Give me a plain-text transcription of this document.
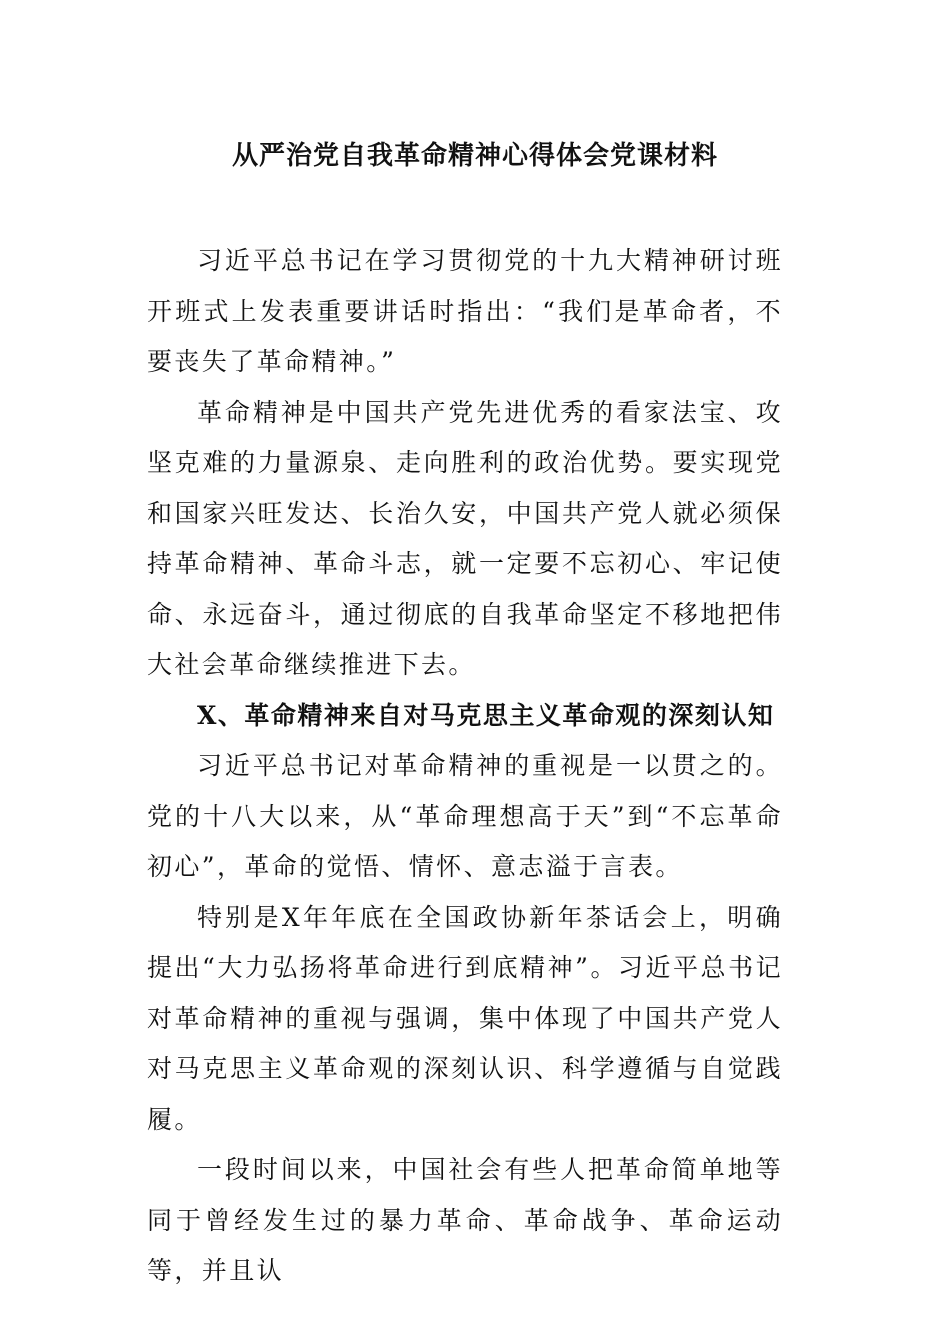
从严治党自我革命精神心得体会党课材料

习近平总书记在学习贯彻党的十九大精神研讨班开班式上发表重要讲话时指出：“我们是革命者，不要丧失了革命精神。”

革命精神是中国共产党先进优秀的看家法宝、攻坚克难的力量源泉、走向胜利的政治优势。要实现党和国家兴旺发达、长治久安，中国共产党人就必须保持革命精神、革命斗志，就一定要不忘初心、牢记使命、永远奋斗，通过彻底的自我革命坚定不移地把伟大社会革命继续推进下去。

X、革命精神来自对马克思主义革命观的深刻认知

习近平总书记对革命精神的重视是一以贯之的。党的十八大以来，从“革命理想高于天”到“不忘革命初心”，革命的觉悟、情怀、意志溢于言表。

特别是X年年底在全国政协新年茶话会上，明确提出“大力弘扬将革命进行到底精神”。习近平总书记对革命精神的重视与强调，集中体现了中国共产党人对马克思主义革命观的深刻认识、科学遵循与自觉践履。

一段时间以来，中国社会有些人把革命简单地等同于曾经发生过的暴力革命、革命战争、革命运动等，并且认
